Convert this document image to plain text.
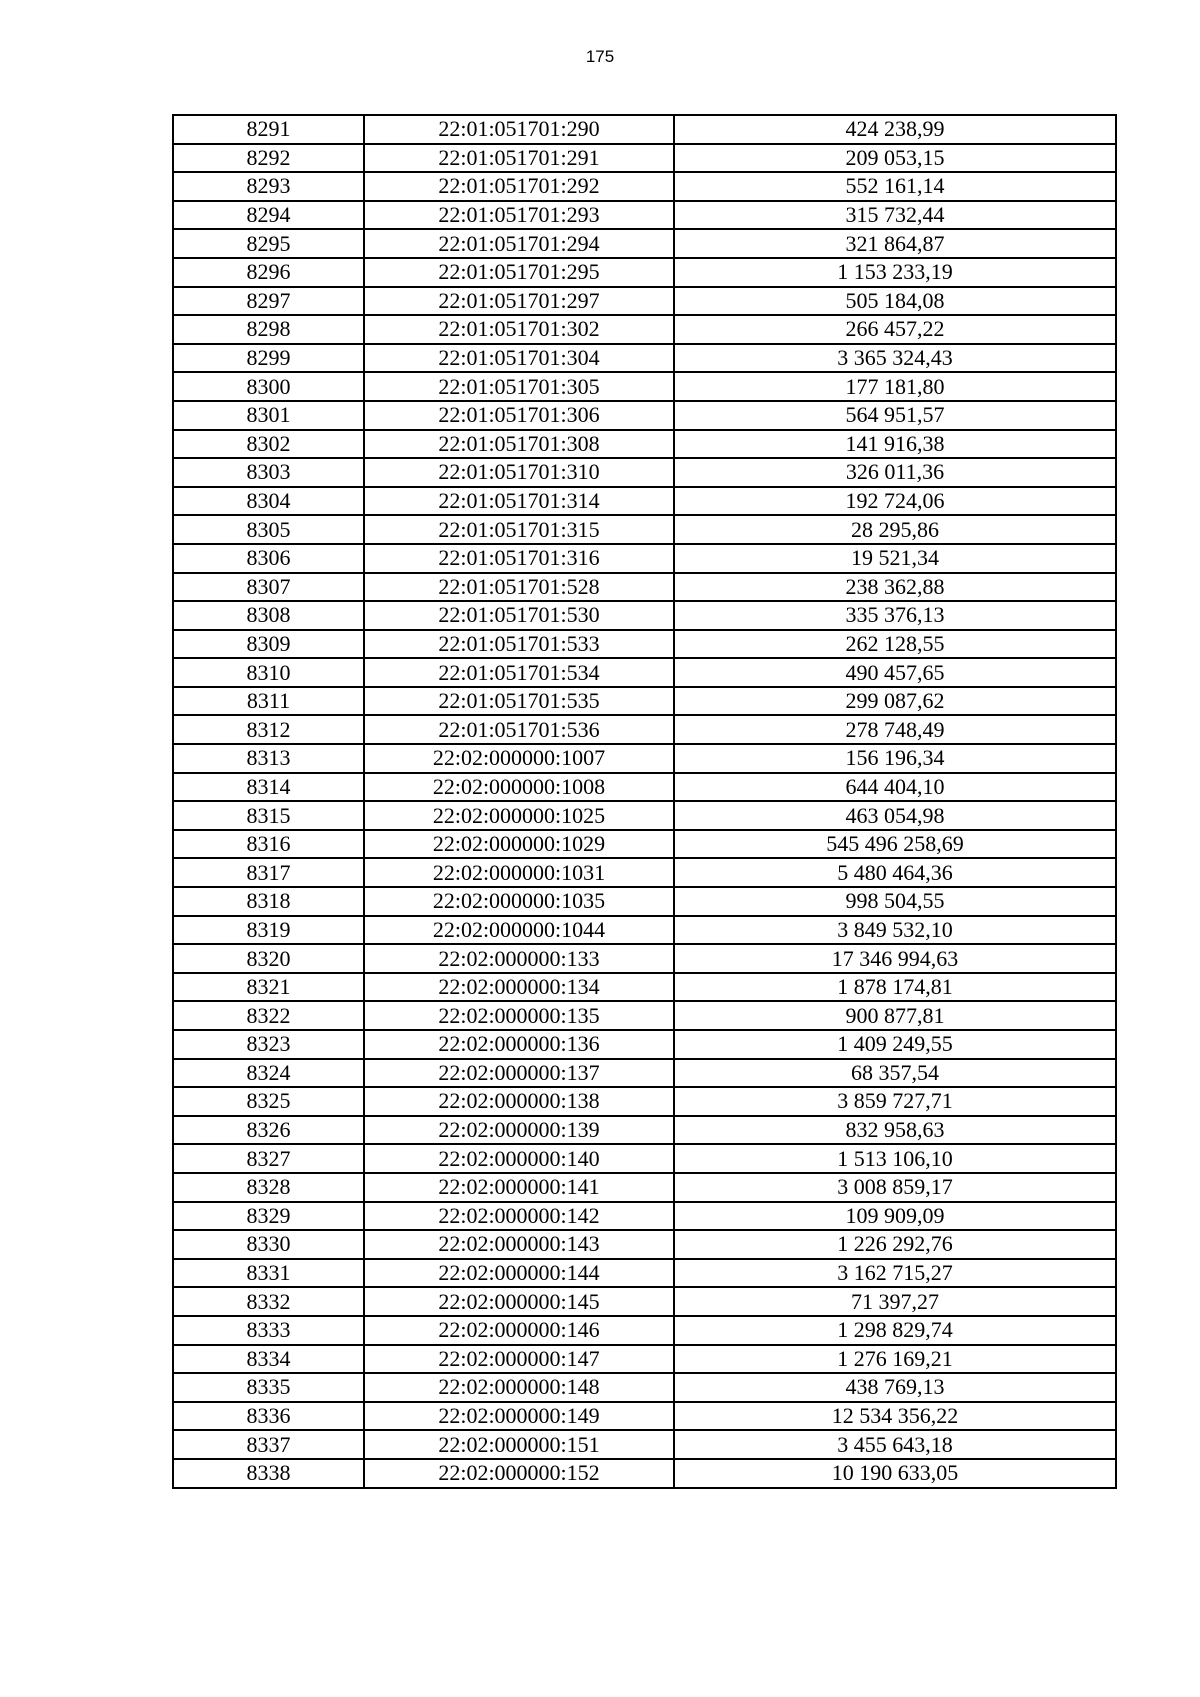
175
8291	22:01:051701:290	424 238,99
8292	22:01:051701:291	209 053,15
8293	22:01:051701:292	552 161,14
8294	22:01:051701:293	315 732,44
8295	22:01:051701:294	321 864,87
8296	22:01:051701:295	1 153 233,19
8297	22:01:051701:297	505 184,08
8298	22:01:051701:302	266 457,22
8299	22:01:051701:304	3 365 324,43
8300	22:01:051701:305	177 181,80
8301	22:01:051701:306	564 951,57
8302	22:01:051701:308	141 916,38
8303	22:01:051701:310	326 011,36
8304	22:01:051701:314	192 724,06
8305	22:01:051701:315	28 295,86
8306	22:01:051701:316	19 521,34
8307	22:01:051701:528	238 362,88
8308	22:01:051701:530	335 376,13
8309	22:01:051701:533	262 128,55
8310	22:01:051701:534	490 457,65
8311	22:01:051701:535	299 087,62
8312	22:01:051701:536	278 748,49
8313	22:02:000000:1007	156 196,34
8314	22:02:000000:1008	644 404,10
8315	22:02:000000:1025	463 054,98
8316	22:02:000000:1029	545 496 258,69
8317	22:02:000000:1031	5 480 464,36
8318	22:02:000000:1035	998 504,55
8319	22:02:000000:1044	3 849 532,10
8320	22:02:000000:133	17 346 994,63
8321	22:02:000000:134	1 878 174,81
8322	22:02:000000:135	900 877,81
8323	22:02:000000:136	1 409 249,55
8324	22:02:000000:137	68 357,54
8325	22:02:000000:138	3 859 727,71
8326	22:02:000000:139	832 958,63
8327	22:02:000000:140	1 513 106,10
8328	22:02:000000:141	3 008 859,17
8329	22:02:000000:142	109 909,09
8330	22:02:000000:143	1 226 292,76
8331	22:02:000000:144	3 162 715,27
8332	22:02:000000:145	71 397,27
8333	22:02:000000:146	1 298 829,74
8334	22:02:000000:147	1 276 169,21
8335	22:02:000000:148	438 769,13
8336	22:02:000000:149	12 534 356,22
8337	22:02:000000:151	3 455 643,18
8338	22:02:000000:152	10 190 633,05
